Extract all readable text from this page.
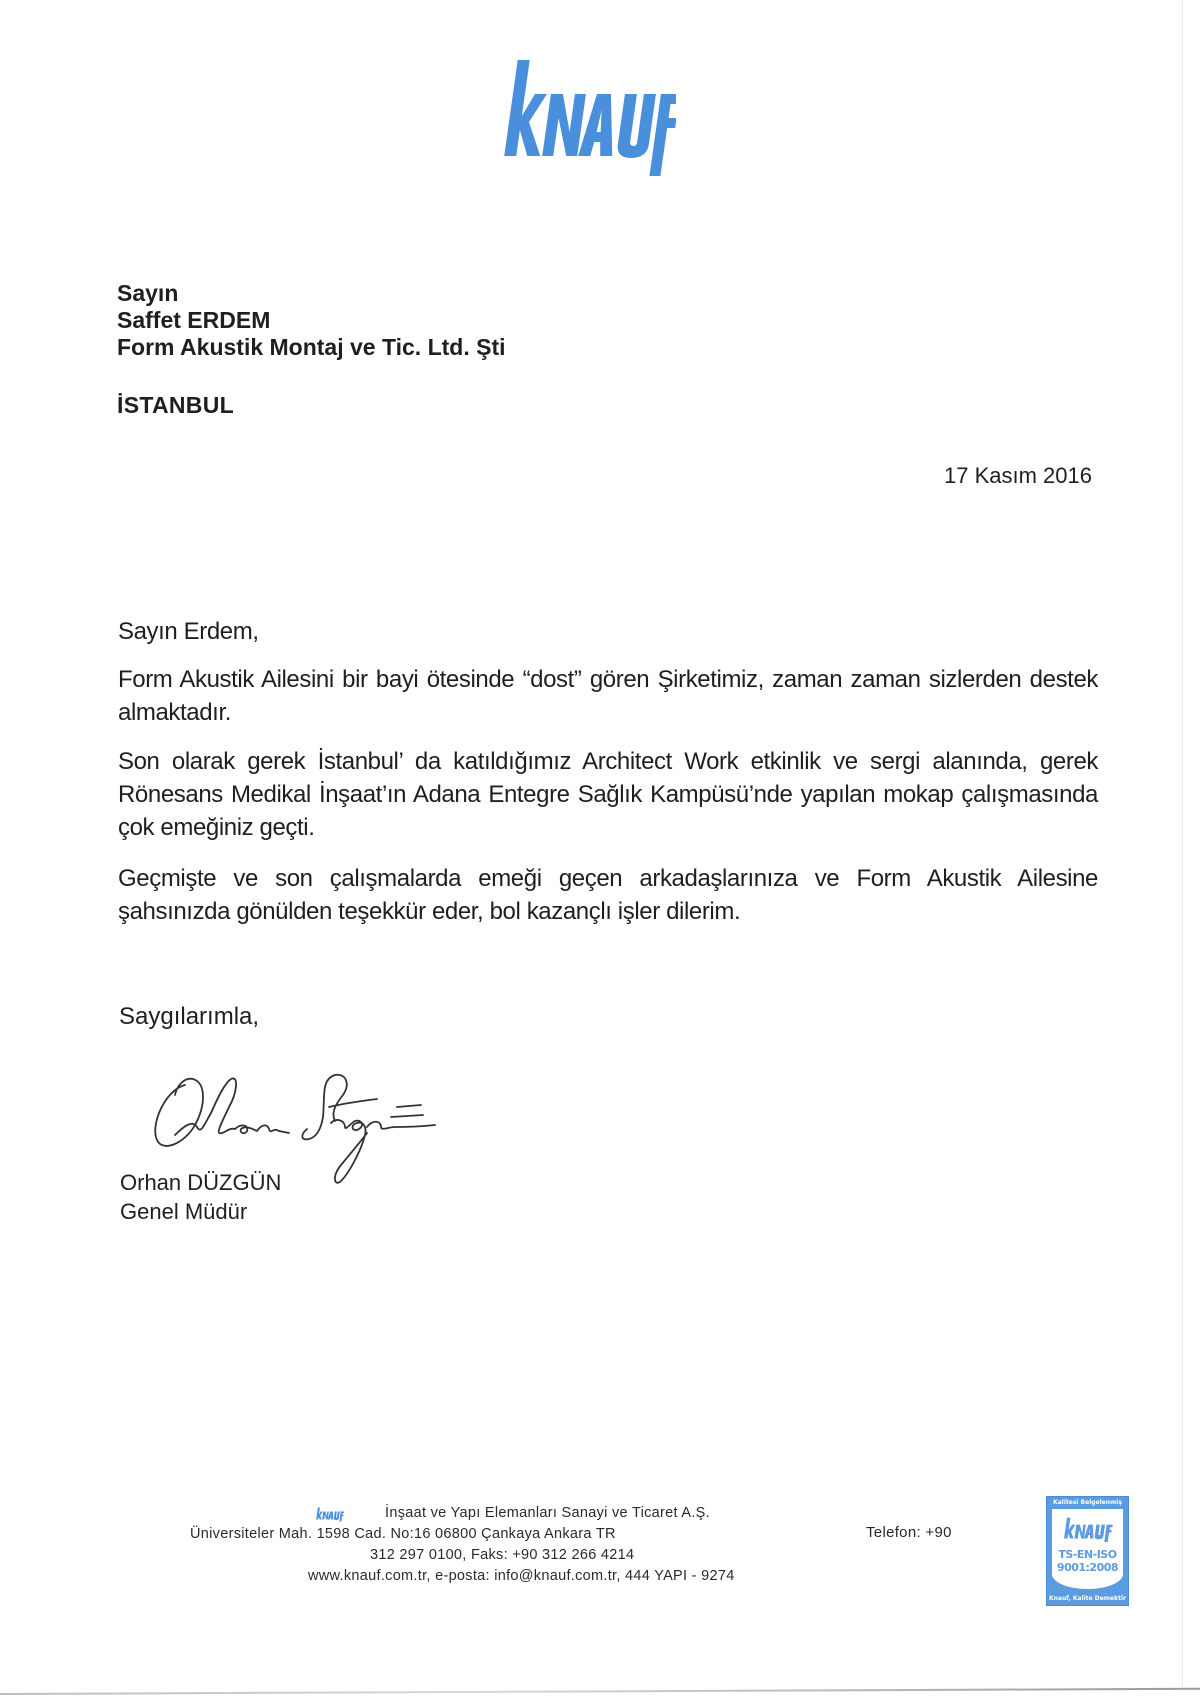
Sayın
Saffet ERDEM
Form Akustik Montaj ve Tic. Ltd. Şti
İSTANBUL
17 Kasım 2016

Sayın Erdem,

Form Akustik Ailesini bir bayi ötesinde “dost” gören Şirketimiz, zaman zaman sizlerden destek almaktadır.

Son olarak gerek İstanbul’ da katıldığımız Architect Work etkinlik ve sergi alanında, gerek Rönesans Medikal İnşaat’ın Adana Entegre Sağlık Kampüsü’nde yapılan mokap çalışmasında çok emeğiniz geçti.

Geçmişte ve son çalışmalarda emeği geçen arkadaşlarınıza ve Form Akustik Ailesine şahsınızda gönülden teşekkür eder, bol kazançlı işler dilerim.

Saygılarımla,
Orhan DÜZGÜN
Genel Müdür
İnşaat ve Yapı Elemanları Sanayi ve Ticaret A.Ş.
Üniversiteler Mah. 1598 Cad. No:16 06800 Çankaya Ankara TR
312 297 0100, Faks: +90 312 266 4214
www.knauf.com.tr, e-posta: info@knauf.com.tr, 444 YAPI - 9274
Telefon: +90
Kalitesi Belgelenmiş
TS-EN-ISO
9001:2008
Knauf, Kalite Demektir
